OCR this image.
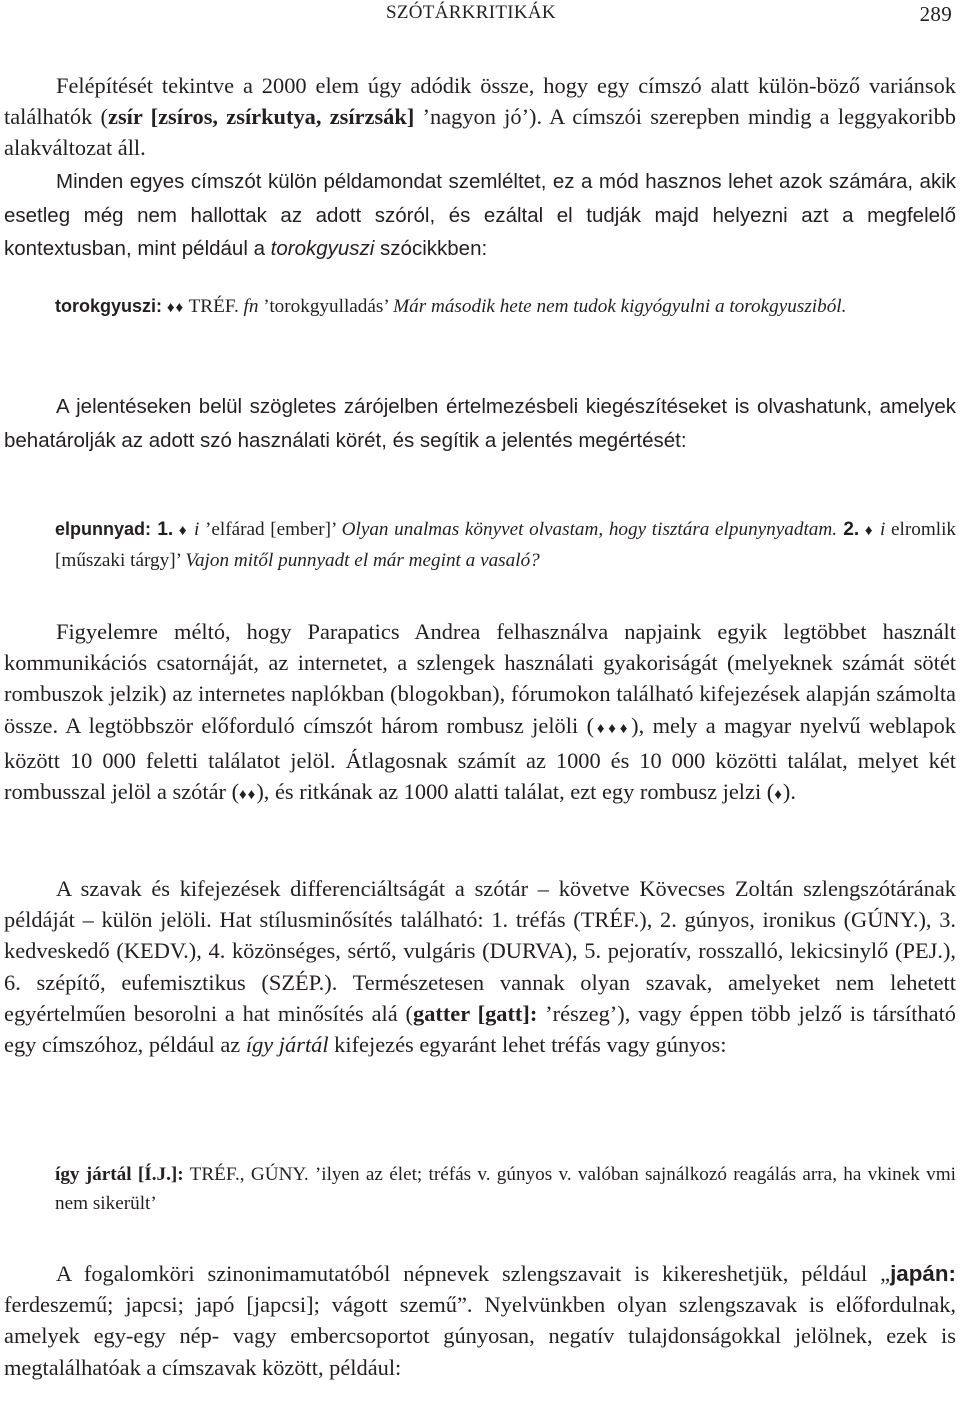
SZÓTÁRKRITIKÁK	289

Felépítését tekintve a 2000 elem úgy adódik össze, hogy egy címszó alatt külön-böző variánsok találhatók (zsír [zsíros, zsírkutya, zsírzsák] ’nagyon jó’). A címszói szerepben mindig a leggyakoribb alakváltozat áll.

Minden egyes címszót külön példamondat szemléltet, ez a mód hasznos lehet azok számára, akik esetleg még nem hallottak az adott szóról, és ezáltal el tudják majd helyezni azt a megfelelő kontextusban, mint például a torokgyuszi szócikkben:

torokgyuszi: ♦♦ TRÉF. fn ’torokgyulladás’ Már második hete nem tudok kigyógyulni a torokgyusziból.

A jelentéseken belül szögletes zárójelben értelmezésbeli kiegészítéseket is olvashatunk, amelyek behatárolják az adott szó használati körét, és segítik a jelentés megértését:

elpunnyad: 1. ♦ i ’elfárad [ember]’ Olyan unalmas könyvet olvastam, hogy tisztára elpunynyadtam. 2. ♦ i elromlik [műszaki tárgy]’ Vajon mitől punnyadt el már megint a vasaló?

Figyelemre méltó, hogy Parapatics Andrea felhasználva napjaink egyik legtöbbet használt kommunikációs csatornáját, az internetet, a szlengek használati gyakoriságát (melyeknek számát sötét rombuszok jelzik) az internetes naplókban (blogokban), fórumokon található kifejezések alapján számolta össze. A legtöbbször előforduló címszót három rombusz jelöli (♦♦♦), mely a magyar nyelvű weblapok között 10 000 feletti találatot jelöl. Átlagosnak számít az 1000 és 10 000 közötti találat, melyet két rombusszal jelöl a szótár (♦♦), és ritkának az 1000 alatti találat, ezt egy rombusz jelzi (♦).

A szavak és kifejezések differenciáltságát a szótár – követve Kövecses Zoltán szlengszótárának példáját – külön jelöli. Hat stílusminősítés található: 1. tréfás (TRÉF.), 2. gúnyos, ironikus (GÚNY.), 3. kedveskedő (KEDV.), 4. közönséges, sértő, vulgáris (DURVA), 5. pejoratív, rosszalló, lekicsinylő (PEJ.), 6. szépítő, eufemisztikus (SZÉP.). Természetesen vannak olyan szavak, amelyeket nem lehetett egyértelműen besorolni a hat minősítés alá (gatter [gatt]: ’részeg’), vagy éppen több jelző is társítható egy címszóhoz, például az így jártál kifejezés egyaránt lehet tréfás vagy gúnyos:

így jártál [Í.J.]: TRÉF., GÚNY. ’ilyen az élet; tréfás v. gúnyos v. valóban sajnálkozó reagálás arra, ha vkinek vmi nem sikerült’

A fogalomköri szinonimamutatóból népnevek szlengszavait is kikereshetjük, például „japán: ferdeszemű; japcsi; japó [japcsi]; vágott szemű”. Nyelvünkben olyan szlengszavak is előfordulnak, amelyek egy-egy nép- vagy embercsoportot gúnyosan, negatív tulajdonságokkal jelölnek, ezek is megtalálhatóak a címszavak között, például:
